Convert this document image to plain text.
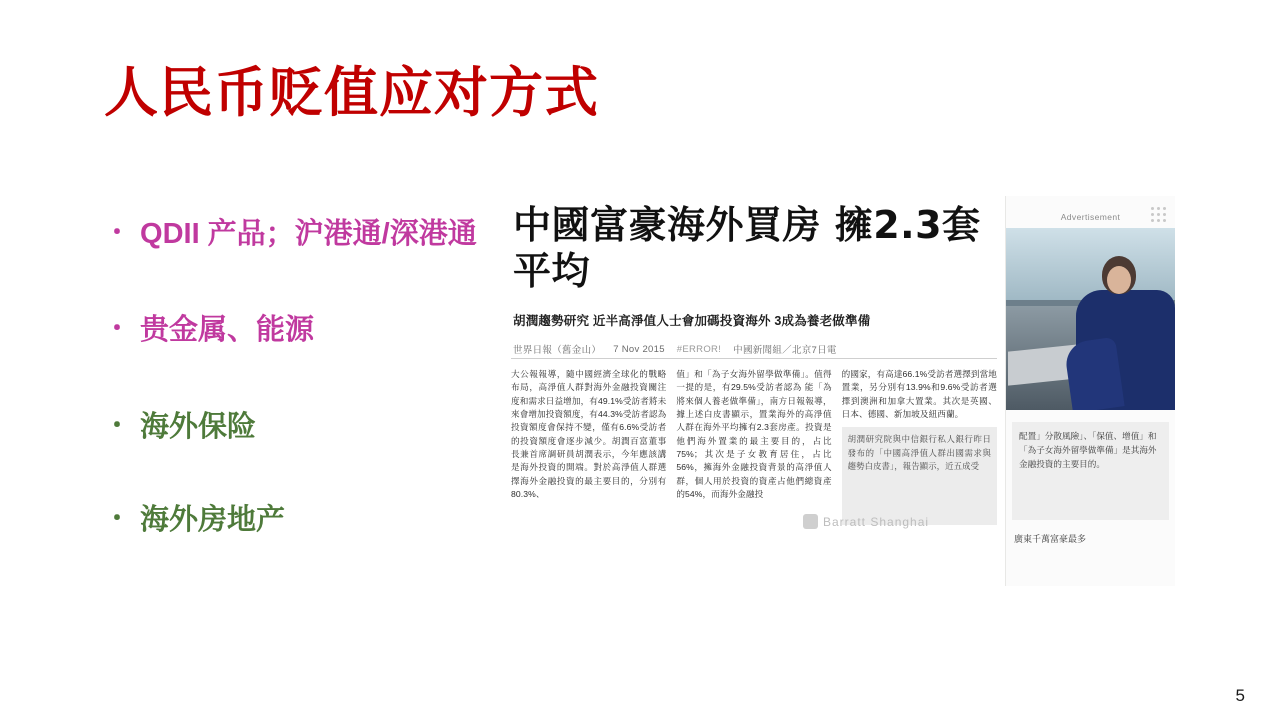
人民币贬值应对方式
・ QDII 产品；沪港通/深港通
・ 贵金属、能源
・ 海外保险
・ 海外房地产
中國富豪海外買房 擁2.3套平均
胡潤趨勢研究 近半高淨值人士會加碼投資海外 3成為養老做準備
世界日報（舊金山） 7 Nov 2015 #ERROR! 中國新聞組／北京7日電
大公報報導，隨中國經濟全球化的戰略布局，高淨值人群對海外金融投資關注度和需求日益增加，有49.1%受訪者將未來會增加投資額度，有44.3%受訪者認為投資額度會保持不變，僅有6.6%受訪者的投資額度會逐步減少。胡潤百富董事長兼首席調研員胡潤表示，今年應該講是海外投資的開端。對於高淨值人群選擇海外金融投資的最主要目的，分別有80.3%、
值」和「為子女海外留學做準備」。值得一提的是，有29.5%受訪者認為 能「為將來個人養老做準備」，南方日報報導，據上述白皮書顯示，置業海外的高淨值人群在海外平均擁有2.3套房產。投資是他們海外置業的最主要目的，占比75%；其次是子女教育居住，占比56%，擁海外金融投資背景的高淨值人群，個人用於投資的資產占他們總資產的54%，而海外金融投
的國家，有高達66.1%受訪者選擇到當地置業，另分別有13.9%和9.6%受訪者選擇到澳洲和加拿大置業。其次是英國、日本、德國、新加坡及紐西蘭。
胡潤研究院與中信銀行私人銀行昨日發布的「中國高淨值人群出國需求與趨勢白皮書」，報告顯示，近五成受
Barratt Shanghai
Advertisement
配置」分散風險」、「保值、增值」和「為子女海外留學做準備」是其海外金融投資的主要目的。
廣東千萬富豪最多
5
